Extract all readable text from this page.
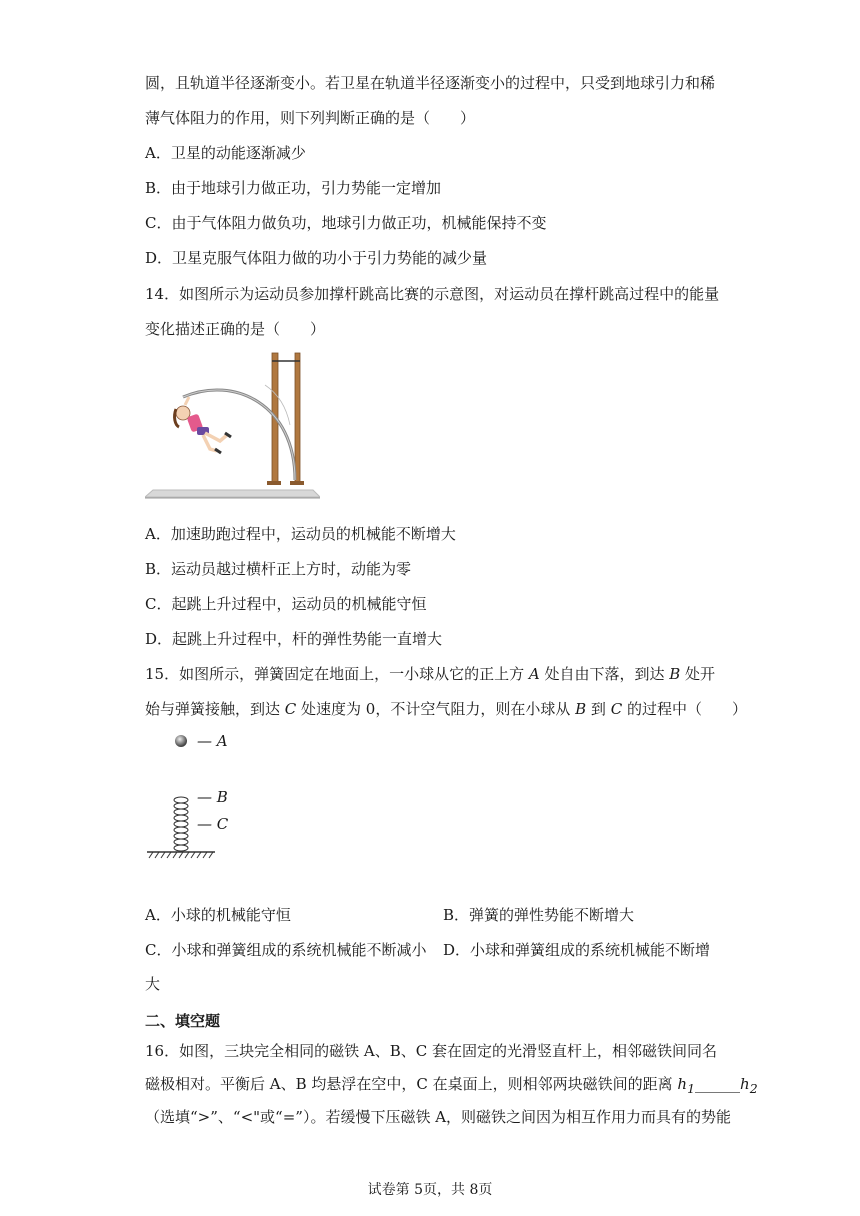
圆，且轨道半径逐渐变小。若卫星在轨道半径逐渐变小的过程中，只受到地球引力和稀
薄气体阻力的作用，则下列判断正确的是（　　）
A．卫星的动能逐渐减少
B．由于地球引力做正功，引力势能一定增加
C．由于气体阻力做负功，地球引力做正功，机械能保持不变
D．卫星克服气体阻力做的功小于引力势能的减少量
14．如图所示为运动员参加撑杆跳高比赛的示意图，对运动员在撑杆跳高过程中的能量
变化描述正确的是（　　）
A．加速助跑过程中，运动员的机械能不断增大
B．运动员越过横杆正上方时，动能为零
C．起跳上升过程中，运动员的机械能守恒
D．起跳上升过程中，杆的弹性势能一直增大
15．如图所示，弹簧固定在地面上，一小球从它的正上方 A 处自由下落，到达 B 处开
始与弹簧接触，到达 C 处速度为 0，不计空气阻力，则在小球从 B 到 C 的过程中（　　）
— A
— B
— C
A．小球的机械能守恒	B．弹簧的弹性势能不断增大
C．小球和弹簧组成的系统机械能不断减小 D．小球和弹簧组成的系统机械能不断增
大
二、填空题
16．如图，三块完全相同的磁铁 A、B、C 套在固定的光滑竖直杆上，相邻磁铁间同名
磁极相对。平衡后 A、B 均悬浮在空中，C 在桌面上，则相邻两块磁铁间的距离 $h_1\_\_\_\_\_\_h_2$
（选填“>”、“<"或“=”）。若缓慢下压磁铁 A，则磁铁之间因为相互作用力而具有的势能
试卷第 5页，共 8页
